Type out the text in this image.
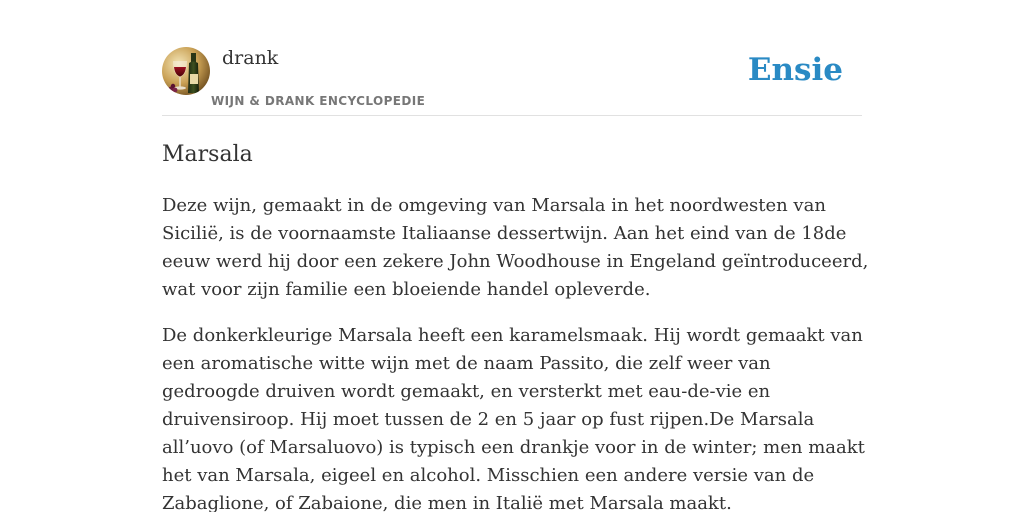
drank
WIJN & DRANK ENCYCLOPEDIE
Ensie
Marsala

Deze wijn, gemaakt in de omgeving van Marsala in het noordwesten van Sicilië, is de voornaamste Italiaanse dessertwijn. Aan het eind van de 18de eeuw werd hij door een zekere John Woodhouse in Engeland geïntroduceerd, wat voor zijn familie een bloeiende handel opleverde.

De donkerkleurige Marsala heeft een karamelsmaak. Hij wordt gemaakt van een aromatische witte wijn met de naam Passito, die zelf weer van gedroogde druiven wordt gemaakt, en versterkt met eau-de-vie en druivensiroop. Hij moet tussen de 2 en 5 jaar op fust rijpen.De Marsala all’uovo (of Marsaluovo) is typisch een drankje voor in de winter; men maakt het van Marsala, eigeel en alcohol. Misschien een andere versie van de Zabaglione, of Zabaione, die men in Italië met Marsala maakt.
